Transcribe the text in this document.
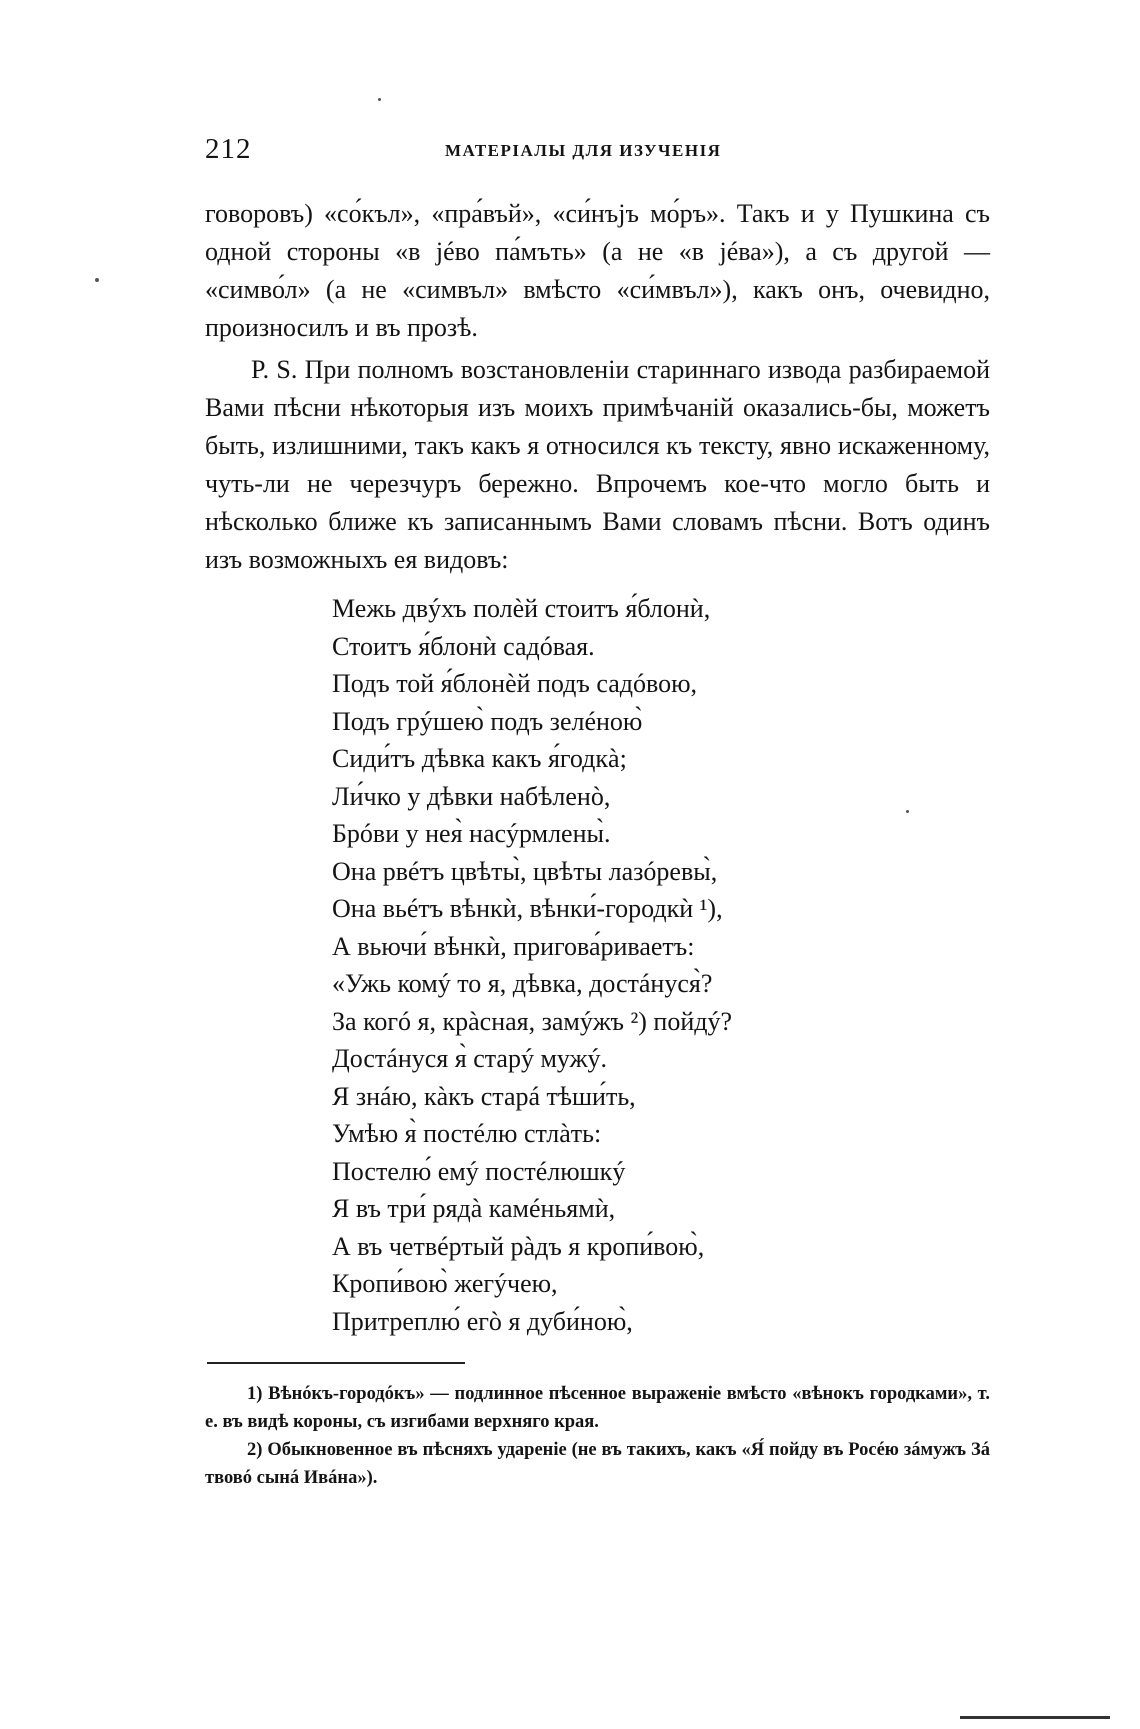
212	МАТЕРІАЛЫ ДЛЯ ИЗУЧЕНІЯ

говоровъ) «со́къл», «пра́въй», «си́нъјъ мо́ръ». Такъ и у Пушкина съ одной стороны «в јéво па́мъть» (а не «в јéва»), а съ другой — «симво́л» (а не «симвъл» вмѣсто «си́мвъл»), какъ онъ, очевидно, произносилъ и въ прозѣ.

P. S. При полномъ возстановленіи стариннаго извода разбираемой Вами пѣсни нѣкоторыя изъ моихъ примѣчаній оказались-бы, можетъ быть, излишними, такъ какъ я относился къ тексту, явно искаженному, чуть-ли не черезчуръ бережно. Впрочемъ кое-что могло быть и нѣсколько ближе къ записаннымъ Вами словамъ пѣсни. Вотъ одинъ изъ возможныхъ ея видовъ:

Межь двýхъ полѐй стоитъ я́блонѝ,
Стоитъ я́блонѝ садóвая.
Подъ той я́блонѐй подъ садóвою,
Подъ грýшею̀ подъ зелéною̀
Сиди́тъ дѣвка какъ я́годкà;
Ли́чко у дѣвки набѣленò,
Брóви у нея̀ насýрмлены̀.
Она рвéтъ цвѣты̀, цвѣты лазóревы̀,
Она вьéтъ вѣнкѝ, вѣнки́-городкѝ ¹),
А вьючи́ вѣнкѝ, пригова́риваетъ:
«Ужь комý то я, дѣвка, достáнуся̀?
За когó я, крàсная, замýжъ ²) пойдý?
Достáнуся я̀ старý мужý.
Я знáю, кàкъ старá тѣши́ть,
Умѣю я̀ постéлю стлàть:
Постелю́ емý постéлюшкý
Я въ три́ рядà камéньямѝ,
А въ четвéртый рàдъ я кропи́вою̀,
Кропи́вою̀ жегýчею,
Притреплю́ егò я дуби́ною̀,

1) Вѣнóкъ-городóкъ» — подлинное пѣсенное выраженіе вмѣсто «вѣнокъ городками», т. е. въ видѣ короны, съ изгибами верхняго края.

2) Обыкновенное въ пѣсняхъ удареніе (не въ такихъ, какъ «Я́ пойду въ Росéю зáмужъ Зá твовó сынá Ивáна»).
